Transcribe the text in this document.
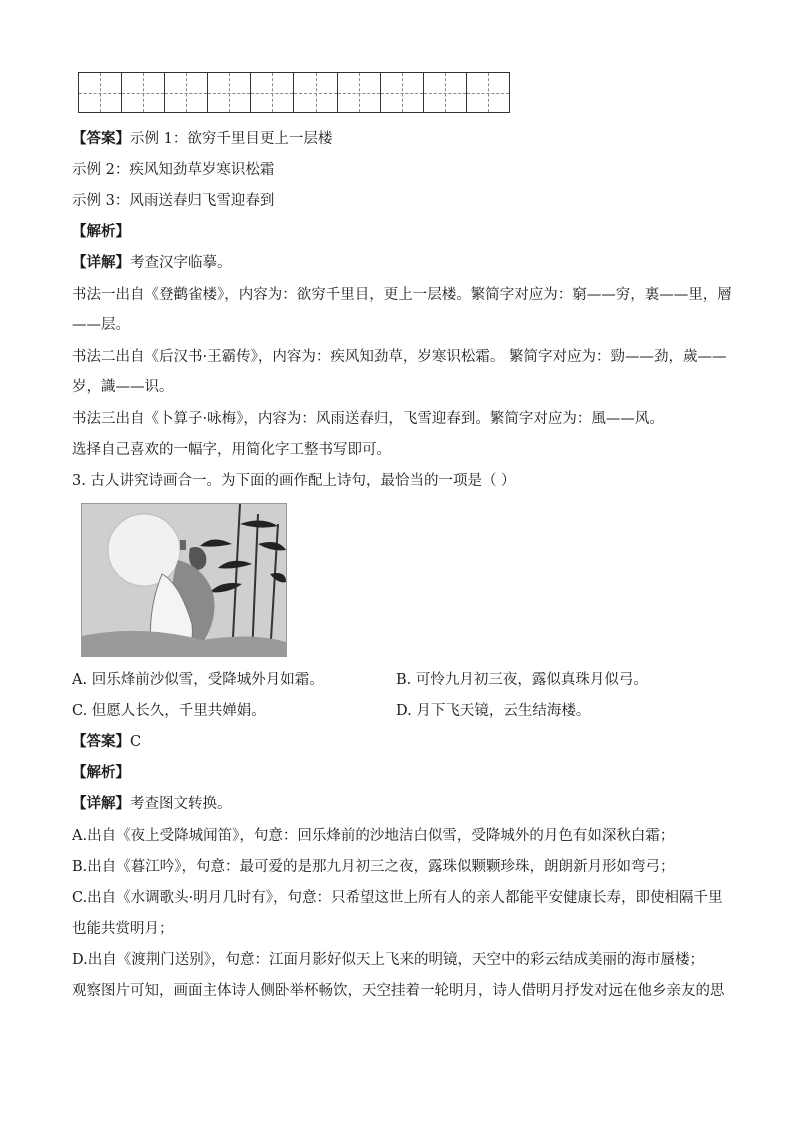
【答案】示例 1：欲穷千里目更上一层楼
示例 2：疾风知劲草岁寒识松霜
示例 3：风雨送春归飞雪迎春到
【解析】
【详解】考查汉字临摹。
书法一出自《登鹳雀楼》，内容为：欲穷千里目，更上一层楼。繁简字对应为：窮——穷，裏——里，層
——层。
书法二出自《后汉书·王霸传》，内容为：疾风知劲草，岁寒识松霜。 繁简字对应为：勁——劲，歲——
岁，識——识。
书法三出自《卜算子·咏梅》，内容为：风雨送春归，飞雪迎春到。繁简字对应为：風——风。
选择自己喜欢的一幅字，用简化字工整书写即可。
3. 古人讲究诗画合一。为下面的画作配上诗句，最恰当的一项是（ ）
A. 回乐烽前沙似雪，受降城外月如霜。	B. 可怜九月初三夜，露似真珠月似弓。
C. 但愿人长久，千里共婵娟。	D. 月下飞天镜，云生结海楼。
【答案】C
【解析】
【详解】考查图文转换。
A.出自《夜上受降城闻笛》，句意：回乐烽前的沙地洁白似雪，受降城外的月色有如深秋白霜；
B.出自《暮江吟》，句意：最可爱的是那九月初三之夜，露珠似颗颗珍珠，朗朗新月形如弯弓；
C.出自《水调歌头·明月几时有》，句意：只希望这世上所有人的亲人都能平安健康长寿，即使相隔千里
也能共赏明月；
D.出自《渡荆门送别》，句意：江面月影好似天上飞来的明镜，天空中的彩云结成美丽的海市蜃楼；
观察图片可知，画面主体诗人侧卧举杯畅饮，天空挂着一轮明月，诗人借明月抒发对远在他乡亲友的思
